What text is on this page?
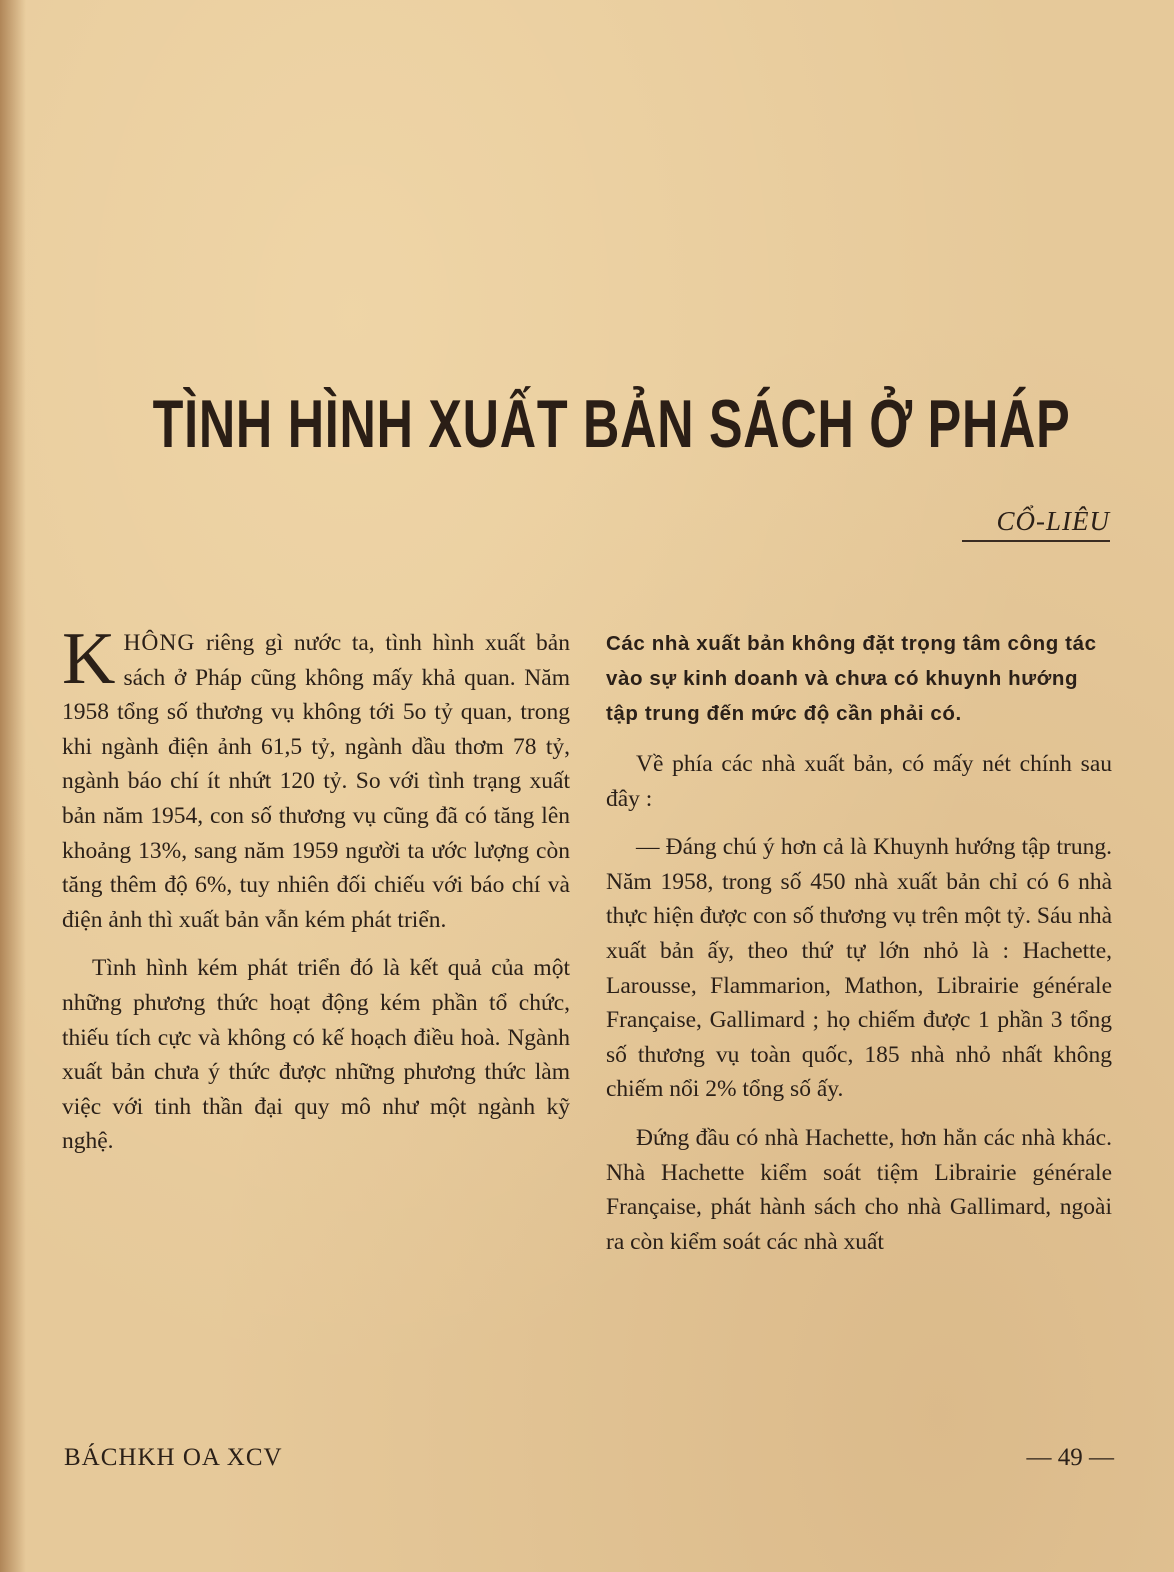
TÌNH HÌNH XUẤT BẢN SÁCH Ở PHÁP
CỔ-LIÊU

KHÔNG riêng gì nước ta, tình hình xuất bản sách ở Pháp cũng không mấy khả quan. Năm 1958 tổng số thương vụ không tới 5o tỷ quan, trong khi ngành điện ảnh 61,5 tỷ, ngành dầu thơm 78 tỷ, ngành báo chí ít nhứt 120 tỷ. So với tình trạng xuất bản năm 1954, con số thương vụ cũng đã có tăng lên khoảng 13%, sang năm 1959 người ta ước lượng còn tăng thêm độ 6%, tuy nhiên đối chiếu với báo chí và điện ảnh thì xuất bản vẫn kém phát triển.

Tình hình kém phát triển đó là kết quả của một những phương thức hoạt động kém phần tổ chức, thiếu tích cực và không có kế hoạch điều hoà. Ngành xuất bản chưa ý thức được những phương thức làm việc với tinh thần đại quy mô như một ngành kỹ nghệ.

Các nhà xuất bản không đặt trọng tâm công tác vào sự kinh doanh và chưa có khuynh hướng tập trung đến mức độ cần phải có.

Về phía các nhà xuất bản, có mấy nét chính sau đây :

— Đáng chú ý hơn cả là Khuynh hướng tập trung. Năm 1958, trong số 450 nhà xuất bản chỉ có 6 nhà thực hiện được con số thương vụ trên một tỷ. Sáu nhà xuất bản ấy, theo thứ tự lớn nhỏ là : Hachette, Larousse, Flammarion, Mathon, Librairie générale Française, Gallimard ; họ chiếm được 1 phần 3 tổng số thương vụ toàn quốc, 185 nhà nhỏ nhất không chiếm nổi 2% tổng số ấy.

Đứng đầu có nhà Hachette, hơn hẳn các nhà khác. Nhà Hachette kiểm soát tiệm Librairie générale Française, phát hành sách cho nhà Gallimard, ngoài ra còn kiểm soát các nhà xuất

BÁCHKH OA XCV	— 49 —
